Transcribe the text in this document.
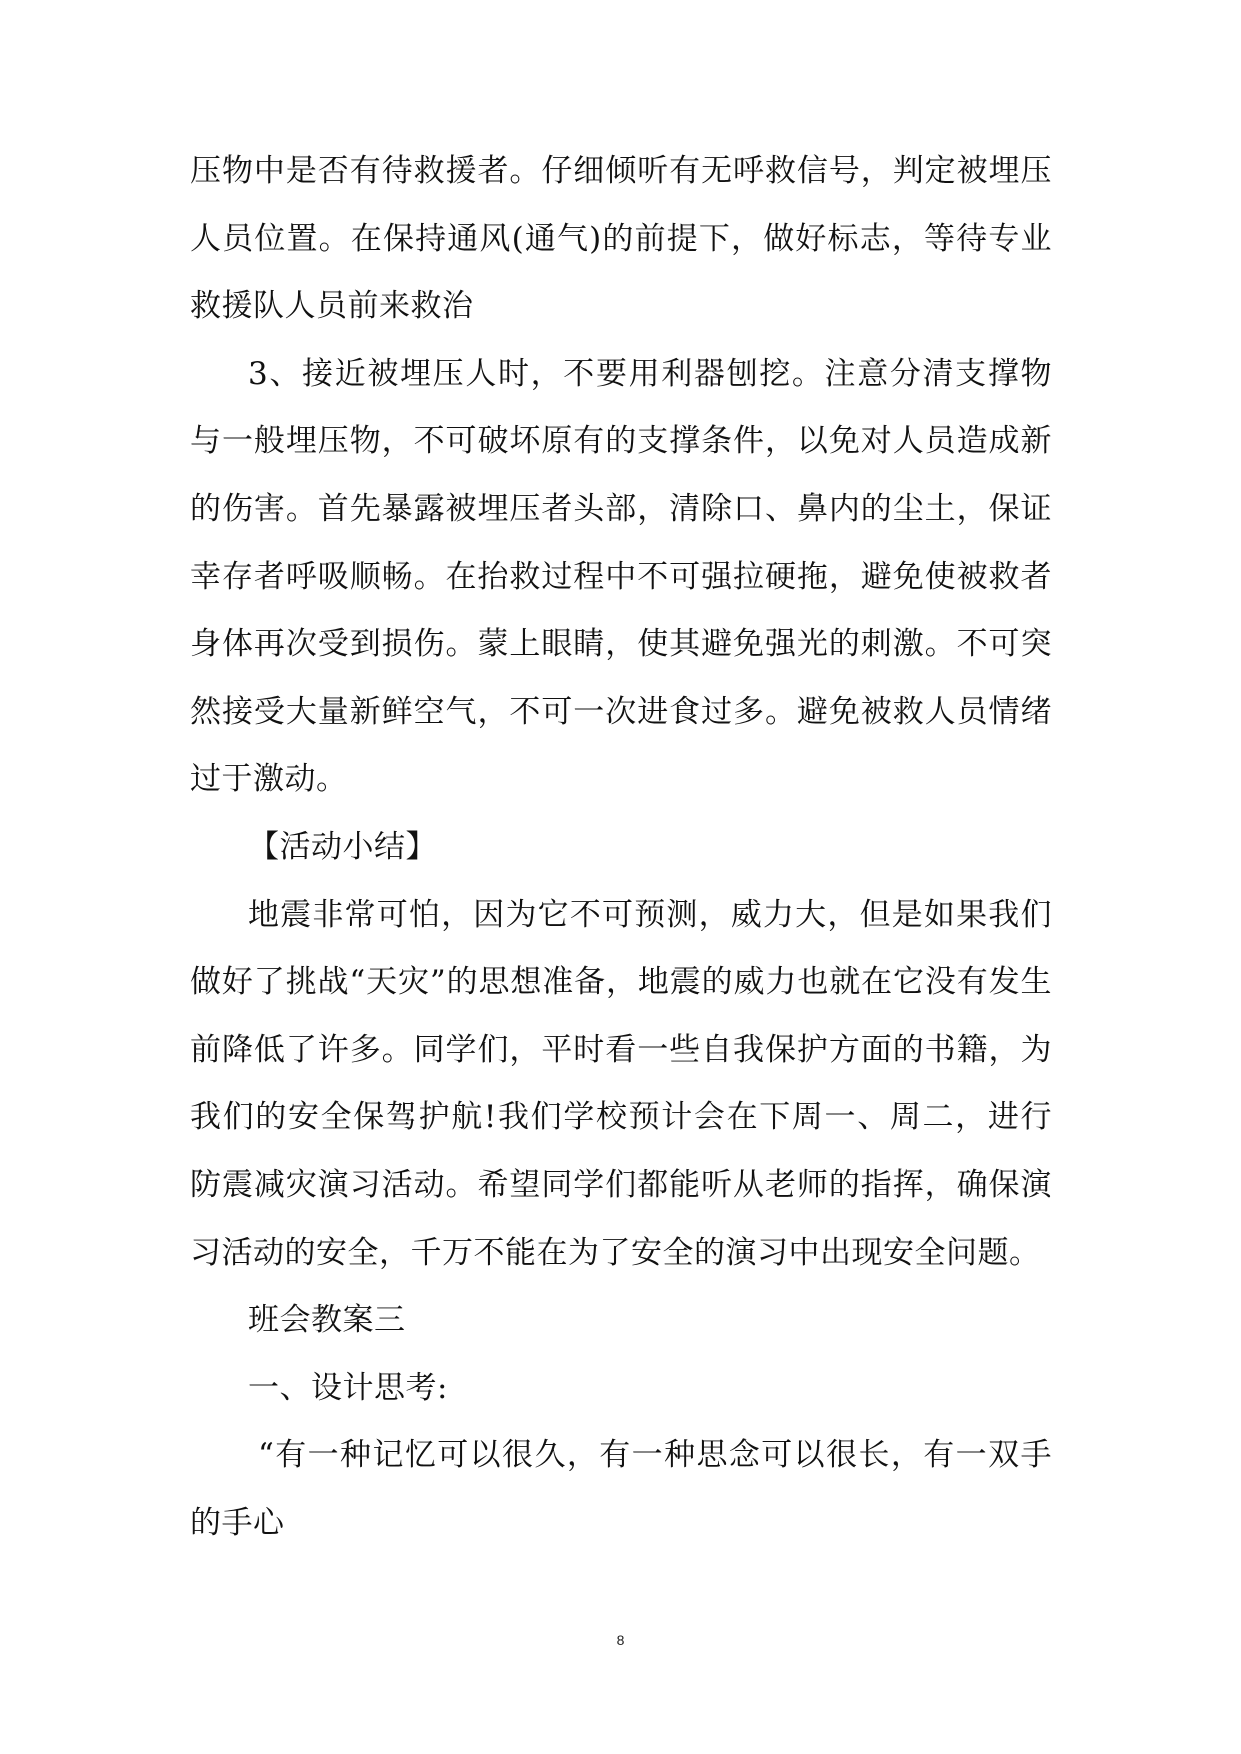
压物中是否有待救援者。仔细倾听有无呼救信号，判定被埋压人员位置。在保持通风(通气)的前提下，做好标志，等待专业救援队人员前来救治

3、接近被埋压人时，不要用利器刨挖。注意分清支撑物与一般埋压物，不可破坏原有的支撑条件，以免对人员造成新的伤害。首先暴露被埋压者头部，清除口、鼻内的尘土，保证幸存者呼吸顺畅。在抬救过程中不可强拉硬拖，避免使被救者身体再次受到损伤。蒙上眼睛，使其避免强光的刺激。不可突然接受大量新鲜空气，不可一次进食过多。避免被救人员情绪过于激动。

【活动小结】

地震非常可怕，因为它不可预测，威力大，但是如果我们做好了挑战“天灾”的思想准备，地震的威力也就在它没有发生前降低了许多。同学们，平时看一些自我保护方面的书籍，为我们的安全保驾护航!我们学校预计会在下周一、周二，进行防震减灾演习活动。希望同学们都能听从老师的指挥，确保演习活动的安全，千万不能在为了安全的演习中出现安全问题。

班会教案三

一、设计思考:

“有一种记忆可以很久，有一种思念可以很长，有一双手的手心

8
